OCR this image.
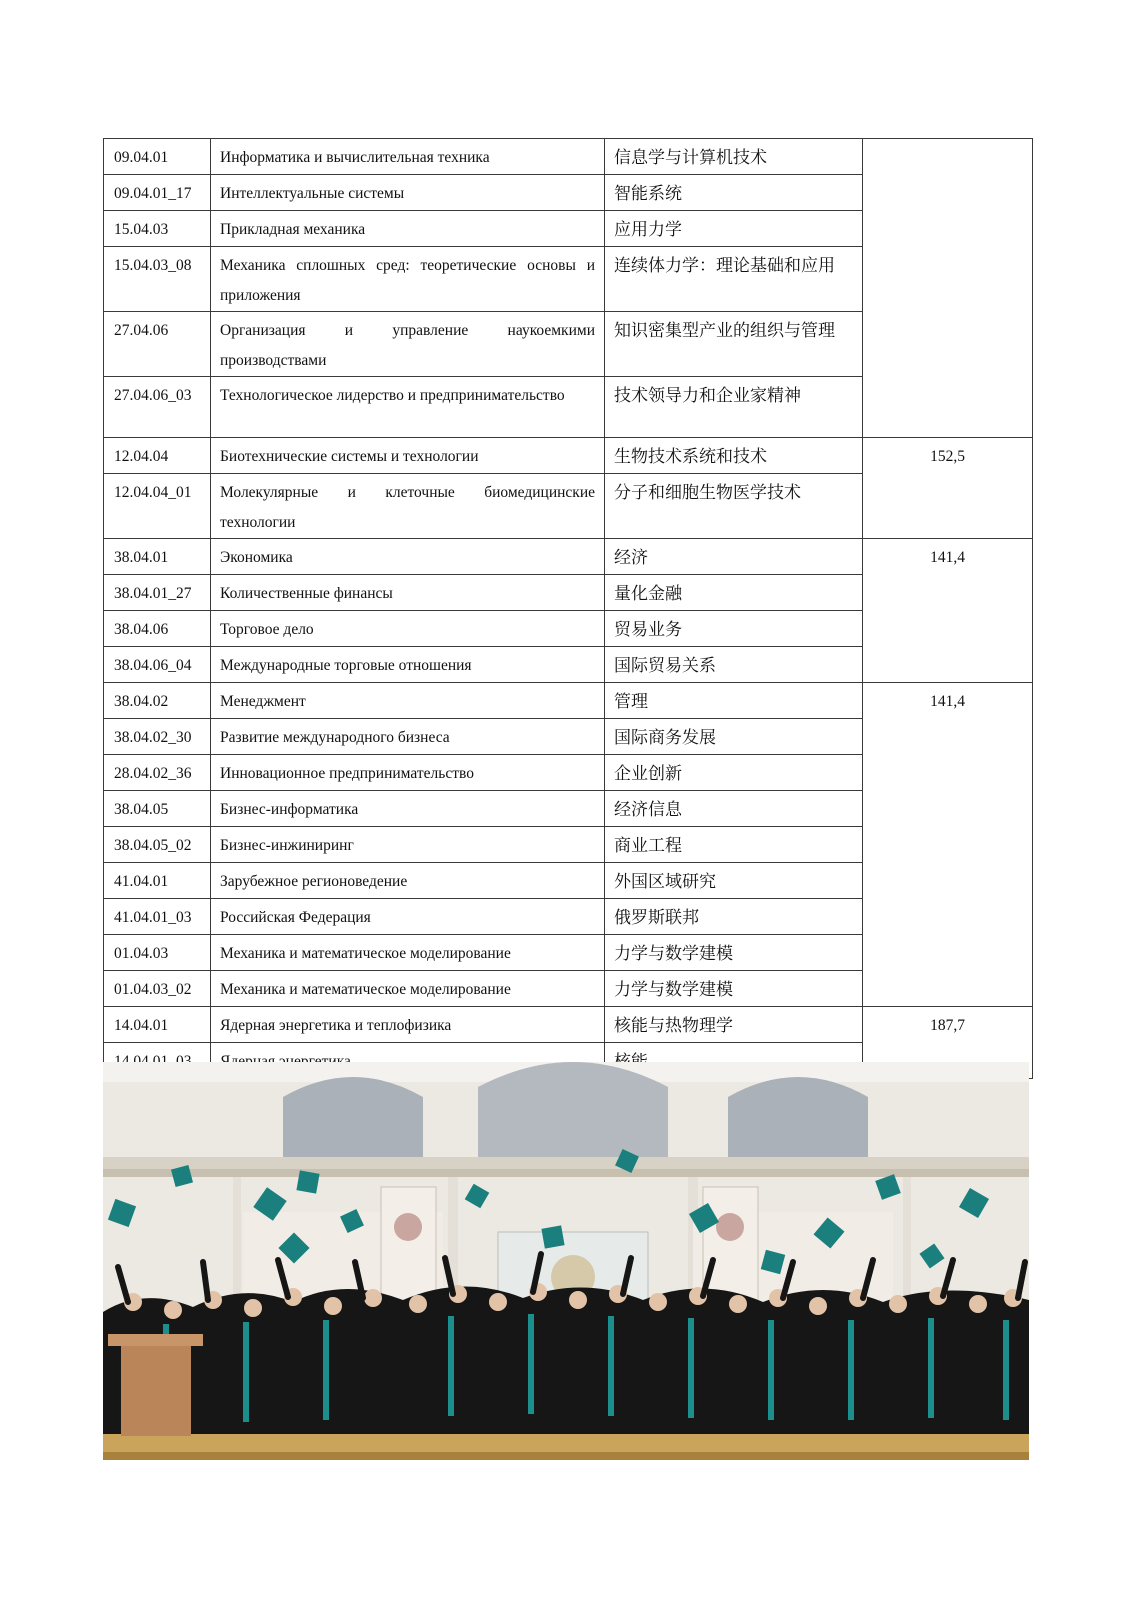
09.04.01	Информатика и вычислительная техника	信息学与计算机技术	
09.04.01_17	Интеллектуальные системы	智能系统	
15.04.03	Прикладная механика	应用力学	
15.04.03_08	Механика сплошных сред: теоретические основы и приложения	连续体力学：理论基础和应用	
27.04.06	Организация и управление наукоемкими производствами	知识密集型产业的组织与管理	
27.04.06_03	Технологическое лидерство и предпринимательство	技术领导力和企业家精神	
12.04.04	Биотехнические системы и технологии	生物技术系统和技术	152,5
12.04.04_01	Молекулярные и клеточные биомедицинские технологии	分子和细胞生物医学技术	
38.04.01	Экономика	经济	141,4
38.04.01_27	Количественные финансы	量化金融	
38.04.06	Торговое дело	贸易业务	
38.04.06_04	Международные торговые отношения	国际贸易关系	
38.04.02	Менеджмент	管理	141,4
38.04.02_30	Развитие международного бизнеса	国际商务发展	
28.04.02_36	Инновационное предпринимательство	企业创新	
38.04.05	Бизнес-информатика	经济信息	
38.04.05_02	Бизнес-инжиниринг	商业工程	
41.04.01	Зарубежное регионоведение	外国区域研究	
41.04.01_03	Российская Федерация	俄罗斯联邦	
01.04.03	Механика и математическое моделирование	力学与数学建模	
01.04.03_02	Механика и математическое моделирование	力学与数学建模	
14.04.01	Ядерная энергетика и теплофизика	核能与热物理学	187,7
